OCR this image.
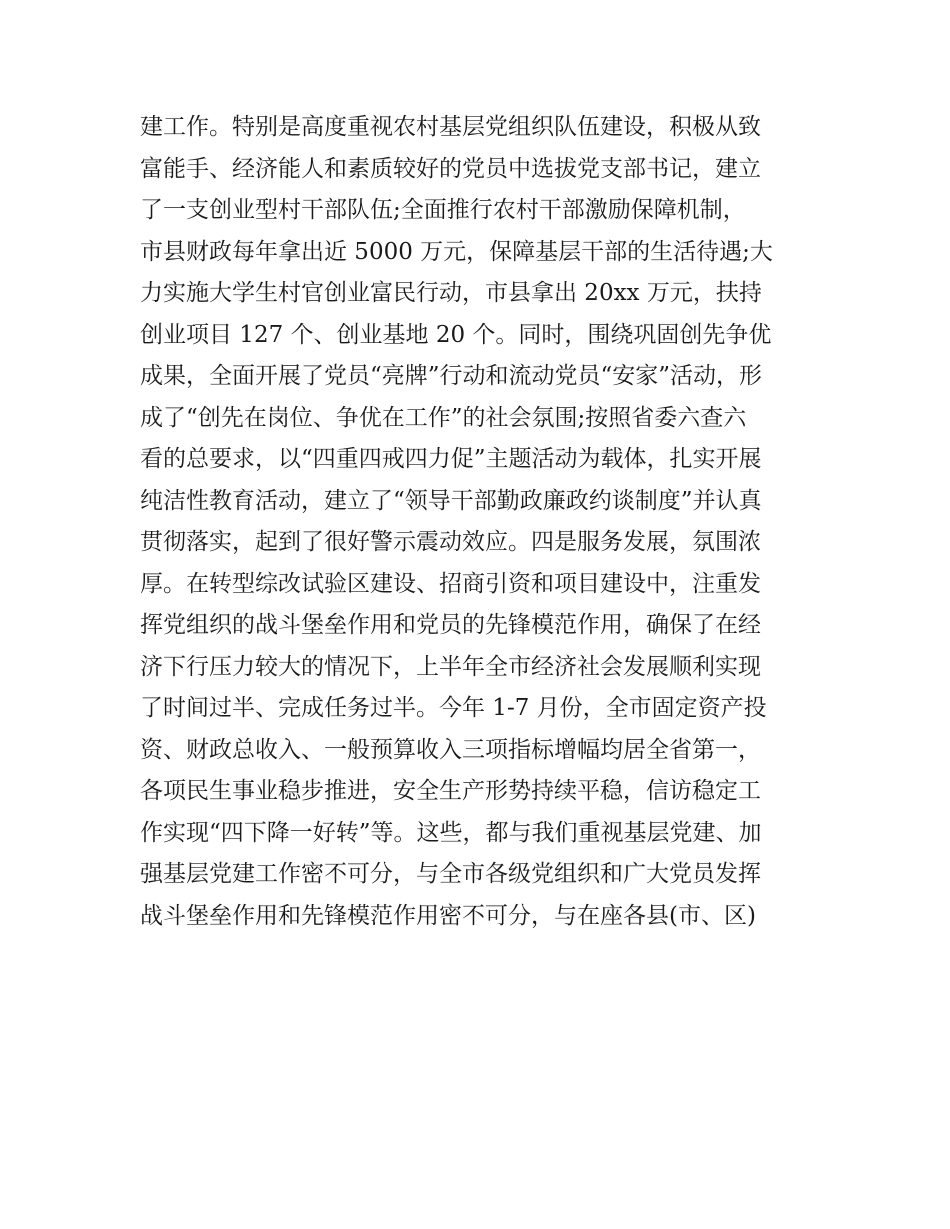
建工作。特别是高度重视农村基层党组织队伍建设，积极从致
富能手、经济能人和素质较好的党员中选拔党支部书记，建立
了一支创业型村干部队伍;全面推行农村干部激励保障机制，
市县财政每年拿出近 5000 万元，保障基层干部的生活待遇;大
力实施大学生村官创业富民行动，市县拿出 20xx 万元，扶持
创业项目 127 个、创业基地 20 个。同时，围绕巩固创先争优
成果，全面开展了党员“亮牌”行动和流动党员“安家”活动，形
成了“创先在岗位、争优在工作”的社会氛围;按照省委六查六
看的总要求，以“四重四戒四力促”主题活动为载体，扎实开展
纯洁性教育活动，建立了“领导干部勤政廉政约谈制度”并认真
贯彻落实，起到了很好警示震动效应。四是服务发展，氛围浓
厚。在转型综改试验区建设、招商引资和项目建设中，注重发
挥党组织的战斗堡垒作用和党员的先锋模范作用，确保了在经
济下行压力较大的情况下，上半年全市经济社会发展顺利实现
了时间过半、完成任务过半。今年 1-7 月份，全市固定资产投
资、财政总收入、一般预算收入三项指标增幅均居全省第一，
各项民生事业稳步推进，安全生产形势持续平稳，信访稳定工
作实现“四下降一好转”等。这些，都与我们重视基层党建、加
强基层党建工作密不可分，与全市各级党组织和广大党员发挥
战斗堡垒作用和先锋模范作用密不可分，与在座各县(市、区)
